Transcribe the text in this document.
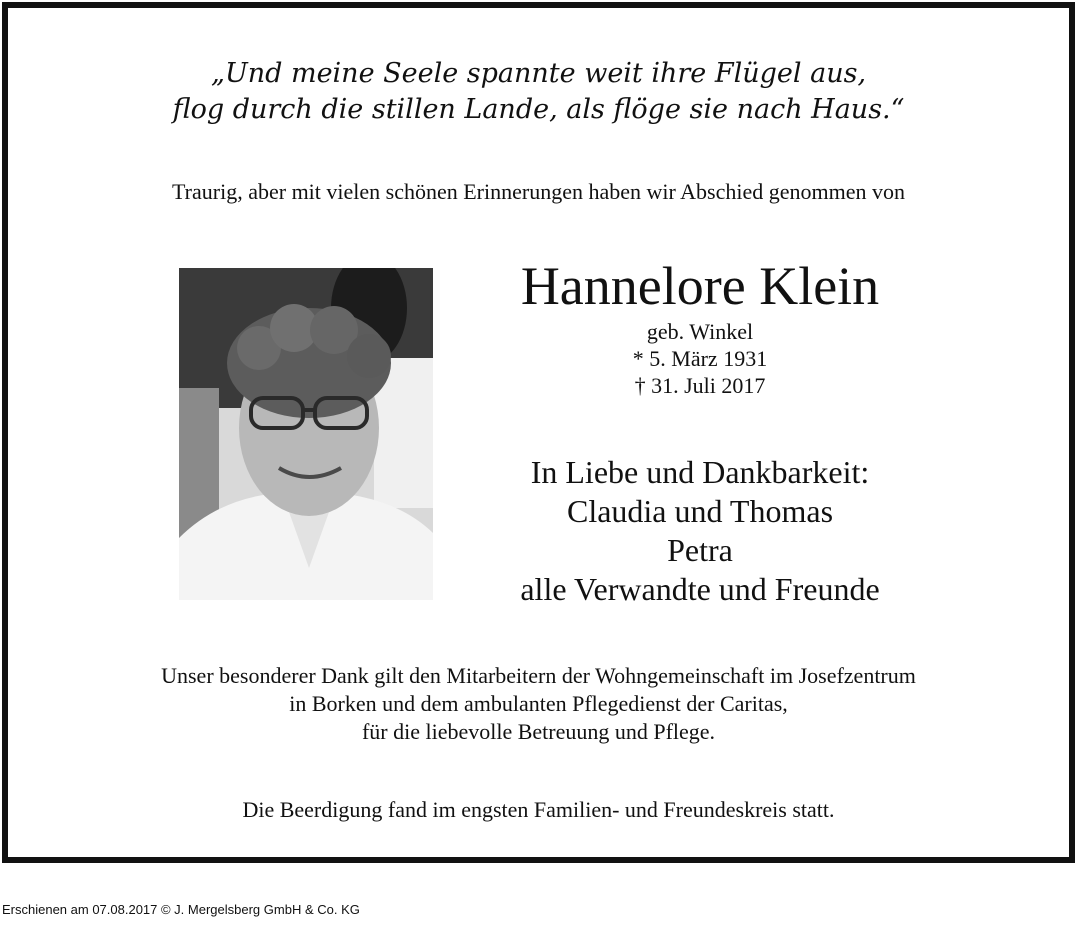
„Und meine Seele spannte weit ihre Flügel aus,
flog durch die stillen Lande, als flöge sie nach Haus.“
Traurig, aber mit vielen schönen Erinnerungen haben wir Abschied genommen von
Hannelore Klein
geb. Winkel
* 5. März 1931
† 31. Juli 2017
In Liebe und Dankbarkeit:
Claudia und Thomas
Petra
alle Verwandte und Freunde
Unser besonderer Dank gilt den Mitarbeitern der Wohngemeinschaft im Josefzentrum
in Borken und dem ambulanten Pflegedienst der Caritas,
für die liebevolle Betreuung und Pflege.
Die Beerdigung fand im engsten Familien- und Freundeskreis statt.
Erschienen am 07.08.2017 © J. Mergelsberg GmbH & Co. KG
